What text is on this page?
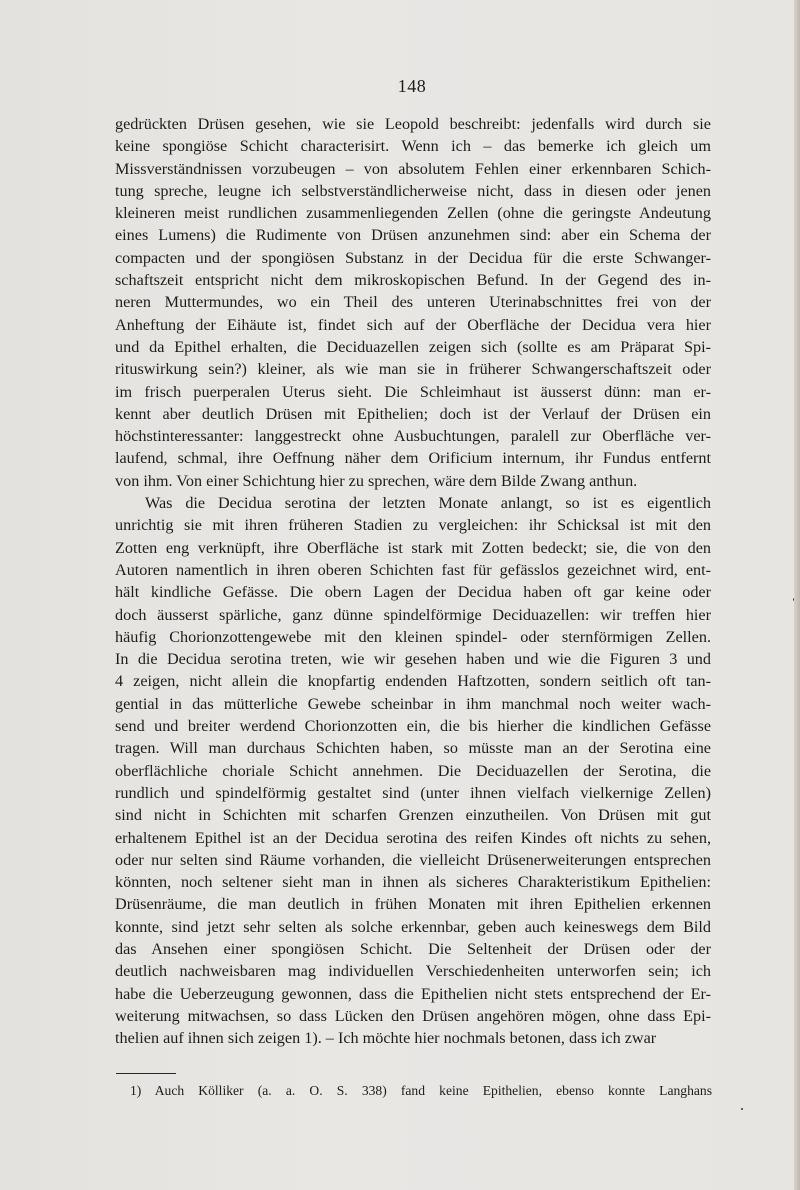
148
gedrückten Drüsen gesehen, wie sie Leopold beschreibt: jedenfalls wird durch sie
keine spongiöse Schicht characterisirt. Wenn ich – das bemerke ich gleich um
Missverständnissen vorzubeugen – von absolutem Fehlen einer erkennbaren Schich-
tung spreche, leugne ich selbstverständlicherweise nicht, dass in diesen oder jenen
kleineren meist rundlichen zusammenliegenden Zellen (ohne die geringste Andeutung
eines Lumens) die Rudimente von Drüsen anzunehmen sind: aber ein Schema der
compacten und der spongiösen Substanz in der Decidua für die erste Schwanger-
schaftszeit entspricht nicht dem mikroskopischen Befund. In der Gegend des in-
neren Muttermundes, wo ein Theil des unteren Uterinabschnittes frei von der
Anheftung der Eihäute ist, findet sich auf der Oberfläche der Decidua vera hier
und da Epithel erhalten, die Deciduazellen zeigen sich (sollte es am Präparat Spi-
rituswirkung sein?) kleiner, als wie man sie in früherer Schwangerschaftszeit oder
im frisch puerperalen Uterus sieht. Die Schleimhaut ist äusserst dünn: man er-
kennt aber deutlich Drüsen mit Epithelien; doch ist der Verlauf der Drüsen ein
höchstinteressanter: langgestreckt ohne Ausbuchtungen, paralell zur Oberfläche ver-
laufend, schmal, ihre Oeffnung näher dem Orificium internum, ihr Fundus entfernt
von ihm. Von einer Schichtung hier zu sprechen, wäre dem Bilde Zwang anthun.
Was die Decidua serotina der letzten Monate anlangt, so ist es eigentlich
unrichtig sie mit ihren früheren Stadien zu vergleichen: ihr Schicksal ist mit den
Zotten eng verknüpft, ihre Oberfläche ist stark mit Zotten bedeckt; sie, die von den
Autoren namentlich in ihren oberen Schichten fast für gefässlos gezeichnet wird, ent-
hält kindliche Gefässe. Die obern Lagen der Decidua haben oft gar keine oder
doch äusserst spärliche, ganz dünne spindelförmige Deciduazellen: wir treffen hier
häufig Chorionzottengewebe mit den kleinen spindel- oder sternförmigen Zellen.
In die Decidua serotina treten, wie wir gesehen haben und wie die Figuren 3 und
4 zeigen, nicht allein die knopfartig endenden Haftzotten, sondern seitlich oft tan-
gential in das mütterliche Gewebe scheinbar in ihm manchmal noch weiter wach-
send und breiter werdend Chorionzotten ein, die bis hierher die kindlichen Gefässe
tragen. Will man durchaus Schichten haben, so müsste man an der Serotina eine
oberflächliche choriale Schicht annehmen. Die Deciduazellen der Serotina, die
rundlich und spindelförmig gestaltet sind (unter ihnen vielfach vielkernige Zellen)
sind nicht in Schichten mit scharfen Grenzen einzutheilen. Von Drüsen mit gut
erhaltenem Epithel ist an der Decidua serotina des reifen Kindes oft nichts zu sehen,
oder nur selten sind Räume vorhanden, die vielleicht Drüsenerweiterungen entsprechen
könnten, noch seltener sieht man in ihnen als sicheres Charakteristikum Epithelien:
Drüsenräume, die man deutlich in frühen Monaten mit ihren Epithelien erkennen
konnte, sind jetzt sehr selten als solche erkennbar, geben auch keineswegs dem Bild
das Ansehen einer spongiösen Schicht. Die Seltenheit der Drüsen oder der
deutlich nachweisbaren mag individuellen Verschiedenheiten unterworfen sein; ich
habe die Ueberzeugung gewonnen, dass die Epithelien nicht stets entsprechend der Er-
weiterung mitwachsen, so dass Lücken den Drüsen angehören mögen, ohne dass Epi-
thelien auf ihnen sich zeigen 1). – Ich möchte hier nochmals betonen, dass ich zwar
1) Auch Kölliker (a. a. O. S. 338) fand keine Epithelien, ebenso konnte Langhans
